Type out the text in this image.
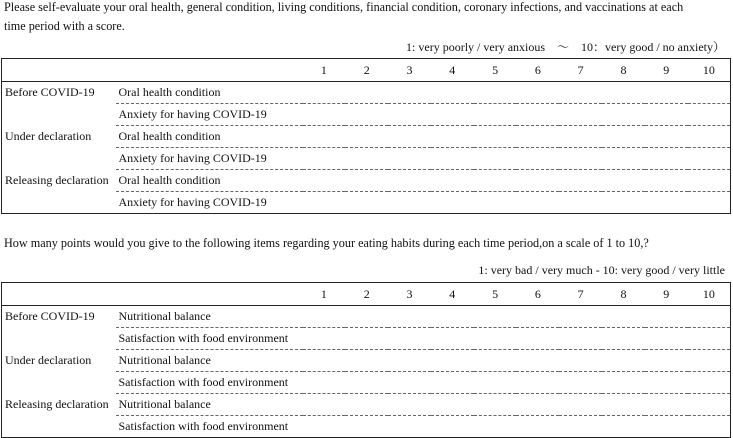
Please self-evaluate your oral health, general condition, living conditions, financial condition, coronary infections, and vaccinations at each
time period with a score.
1: very poorly / very anxious　～　10：very good / no anxiety）
		1	2	3	4	5	6	7	8	9	10
Before COVID-19	Oral health condition										
	Anxiety for having COVID-19										
Under declaration	Oral health condition										
	Anxiety for having COVID-19										
Releasing declaration	Oral health condition										
	Anxiety for having COVID-19										
How many points would you give to the following items regarding your eating habits during each time period,on a scale of 1 to 10,?
1: very bad / very much - 10: very good / very little
		1	2	3	4	5	6	7	8	9	10
Before COVID-19	Nutritional balance										
	Satisfaction with food environment										
Under declaration	Nutritional balance										
	Satisfaction with food environment										
Releasing declaration	Nutritional balance										
	Satisfaction with food environment										
